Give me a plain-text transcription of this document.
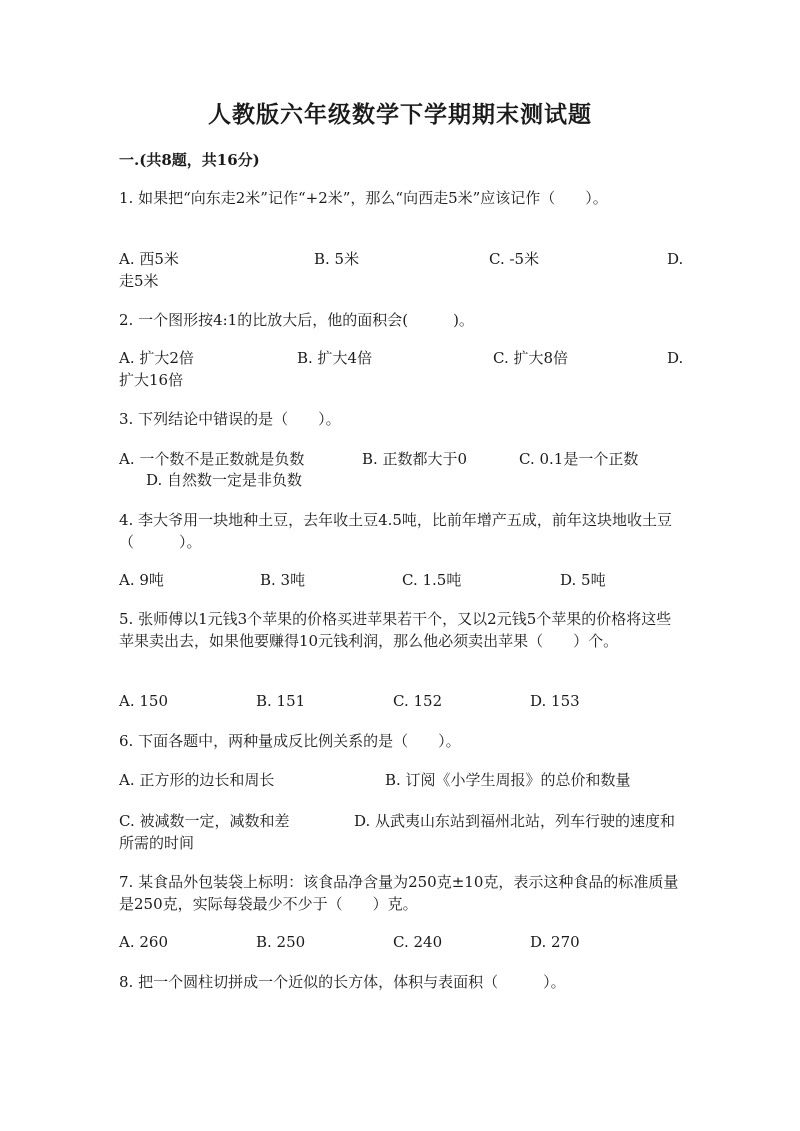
人教版六年级数学下学期期末测试题
一.(共8题，共16分)
1. 如果把“向东走2米”记作“+2米”，那么“向西走5米”应该记作（　　）。
A. 西5米	B. 5米	C. -5米	D. 走5米
2. 一个图形按4:1的比放大后，他的面积会(　　　)。
A. 扩大2倍	B. 扩大4倍	C. 扩大8倍	D. 扩大16倍
3. 下列结论中错误的是（　　）。
A. 一个数不是正数就是负数	B. 正数都大于0	C. 0.1是一个正数
D. 自然数一定是非负数
4. 李大爷用一块地种土豆，去年收土豆4.5吨，比前年增产五成，前年这块地收土豆（　　　）。
A. 9吨	B. 3吨	C. 1.5吨	D. 5吨
5. 张师傅以1元钱3个苹果的价格买进苹果若干个，又以2元钱5个苹果的价格将这些苹果卖出去，如果他要赚得10元钱利润，那么他必须卖出苹果（　　）个。
A. 150	B. 151	C. 152	D. 153
6. 下面各题中，两种量成反比例关系的是（　　）。
A. 正方形的边长和周长	B. 订阅《小学生周报》的总价和数量
C. 被减数一定，减数和差	D. 从武夷山东站到福州北站，列车行驶的速度和所需的时间
7. 某食品外包装袋上标明：该食品净含量为250克±10克，表示这种食品的标准质量是250克，实际每袋最少不少于（　　）克。
A. 260	B. 250	C. 240	D. 270
8. 把一个圆柱切拼成一个近似的长方体，体积与表面积（　　　）。
